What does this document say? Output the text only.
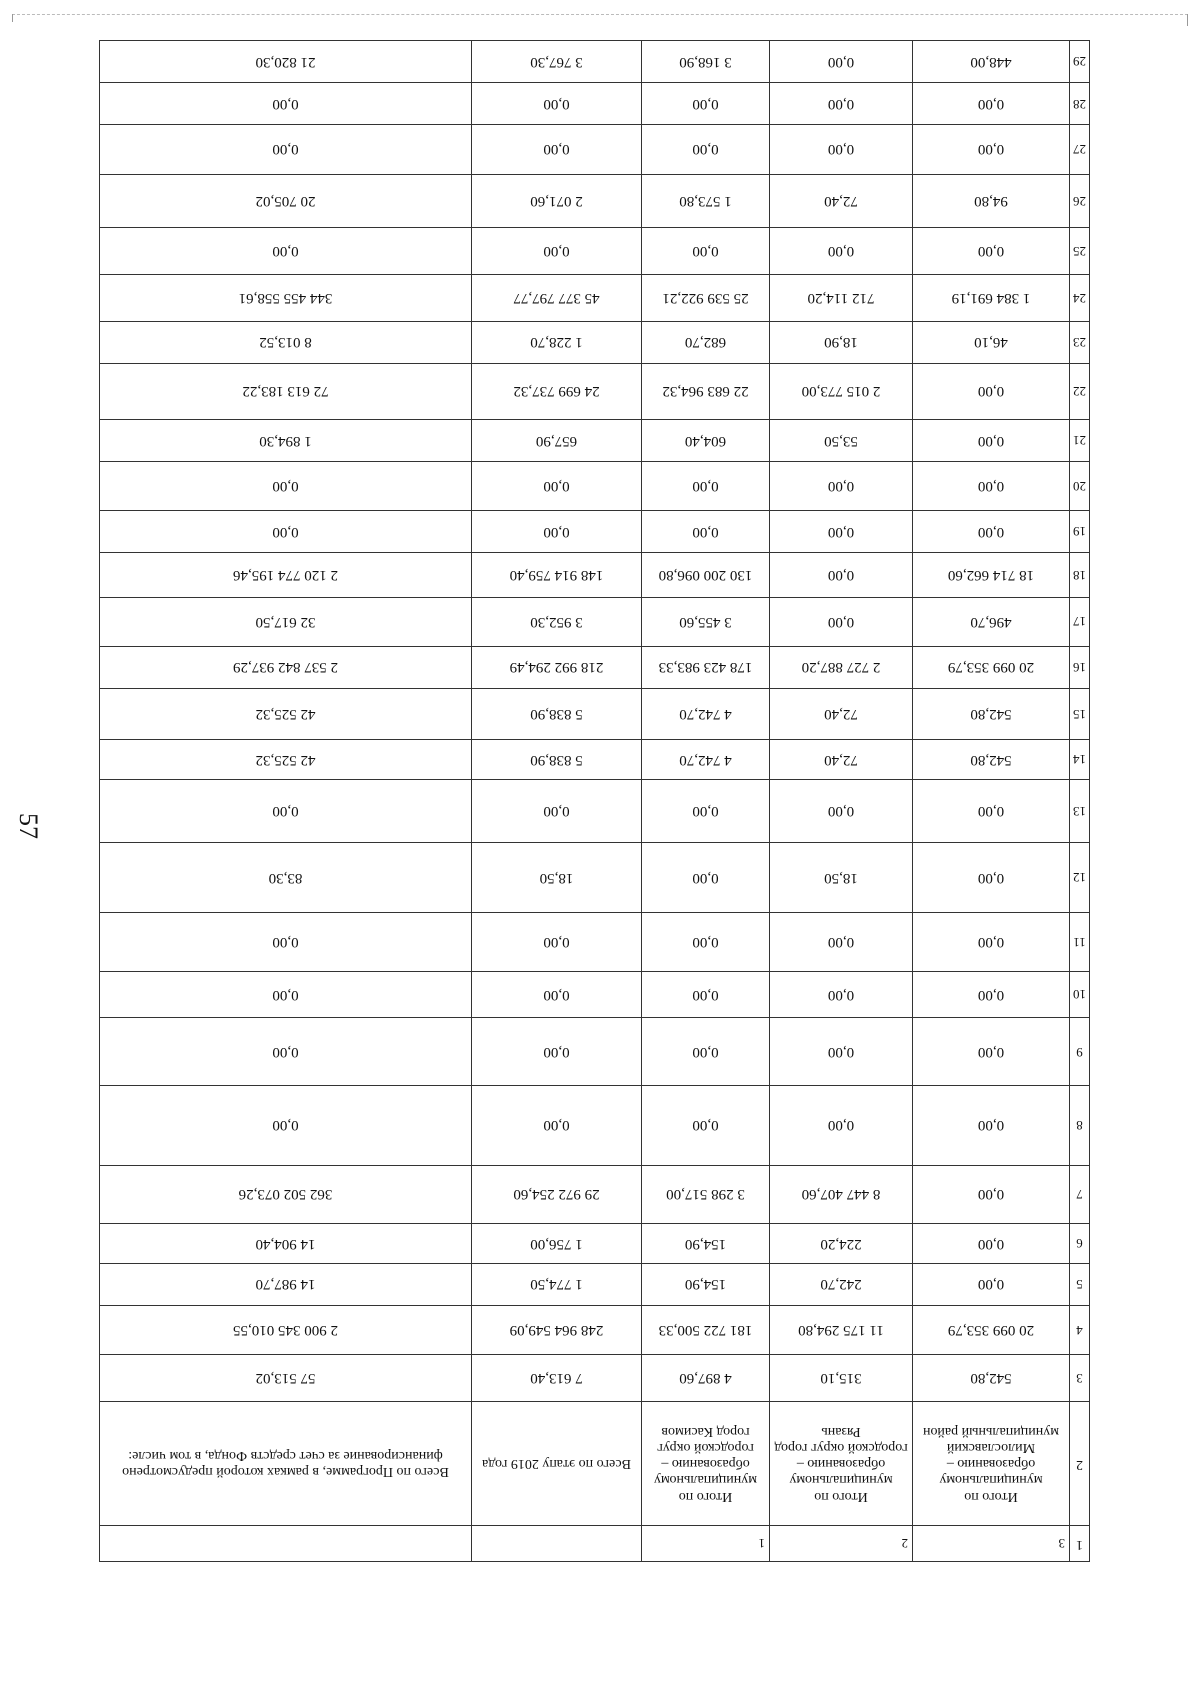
57
1	3	2	1		
2	Итого по муниципальному образованию – Милославский муниципальный район	Итого по муниципальному образованию – городской округ город Рязань	Итого по муниципальному образованию – городской округ город Касимов	Всего по этапу 2019 года	Всего по Программе, в рамках которой предусмотрено финансирование за счет средств Фонда, в том числе:
3	542,80	315,10	4 897,60	7 613,40	57 513,02
4	20 099 353,79	11 175 294,80	181 722 500,33	248 964 549,09	2 900 345 010,55
5	0,00	242,70	154,90	1 774,50	14 987,70
6	0,00	224,20	154,90	1 756,00	14 904,40
7	0,00	8 447 407,60	3 298 517,00	29 972 254,60	362 502 073,26
8	0,00	0,00	0,00	0,00	0,00
9	0,00	0,00	0,00	0,00	0,00
10	0,00	0,00	0,00	0,00	0,00
11	0,00	0,00	0,00	0,00	0,00
12	0,00	18,50	0,00	18,50	83,30
13	0,00	0,00	0,00	0,00	0,00
14	542,80	72,40	4 742,70	5 838,90	42 525,32
15	542,80	72,40	4 742,70	5 838,90	42 525,32
16	20 099 353,79	2 727 887,20	178 423 983,33	218 992 294,49	2 537 842 937,29
17	496,70	0,00	3 455,60	3 952,30	32 617,50
18	18 714 662,60	0,00	130 200 096,80	148 914 759,40	2 120 774 195,46
19	0,00	0,00	0,00	0,00	0,00
20	0,00	0,00	0,00	0,00	0,00
21	0,00	53,50	604,40	657,90	1 894,30
22	0,00	2 015 773,00	22 683 964,32	24 699 737,32	72 613 183,22
23	46,10	18,90	682,70	1 228,70	8 013,52
24	1 384 691,19	712 114,20	25 539 922,21	45 377 797,77	344 455 558,61
25	0,00	0,00	0,00	0,00	0,00
26	94,80	72,40	1 573,80	2 071,60	20 705,02
27	0,00	0,00	0,00	0,00	0,00
28	0,00	0,00	0,00	0,00	0,00
29	448,00	0,00	3 168,90	3 767,30	21 820,30
